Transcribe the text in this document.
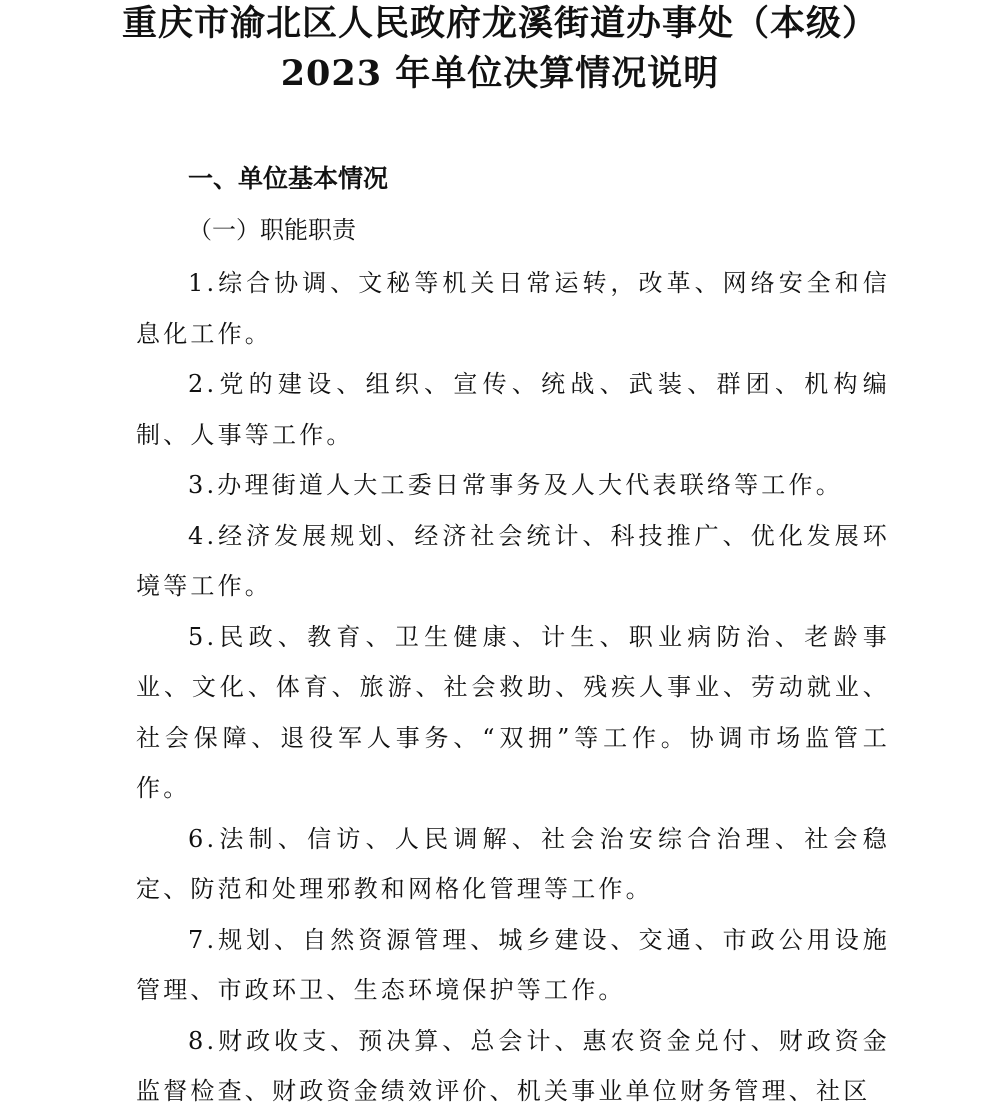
重庆市渝北区人民政府龙溪街道办事处（本级）
2023 年单位决算情况说明
一、单位基本情况
（一）职能职责

1.综合协调、文秘等机关日常运转，改革、网络安全和信息化工作。

2.党的建设、组织、宣传、统战、武装、群团、机构编制、人事等工作。

3.办理街道人大工委日常事务及人大代表联络等工作。

4.经济发展规划、经济社会统计、科技推广、优化发展环境等工作。

5.民政、教育、卫生健康、计生、职业病防治、老龄事业、文化、体育、旅游、社会救助、残疾人事业、劳动就业、社会保障、退役军人事务、“双拥”等工作。协调市场监管工作。

6.法制、信访、人民调解、社会治安综合治理、社会稳定、防范和处理邪教和网格化管理等工作。

7.规划、自然资源管理、城乡建设、交通、市政公用设施管理、市政环卫、生态环境保护等工作。

8.财政收支、预决算、总会计、惠农资金兑付、财政资金监督检查、财政资金绩效评价、机关事业单位财务管理、社区
